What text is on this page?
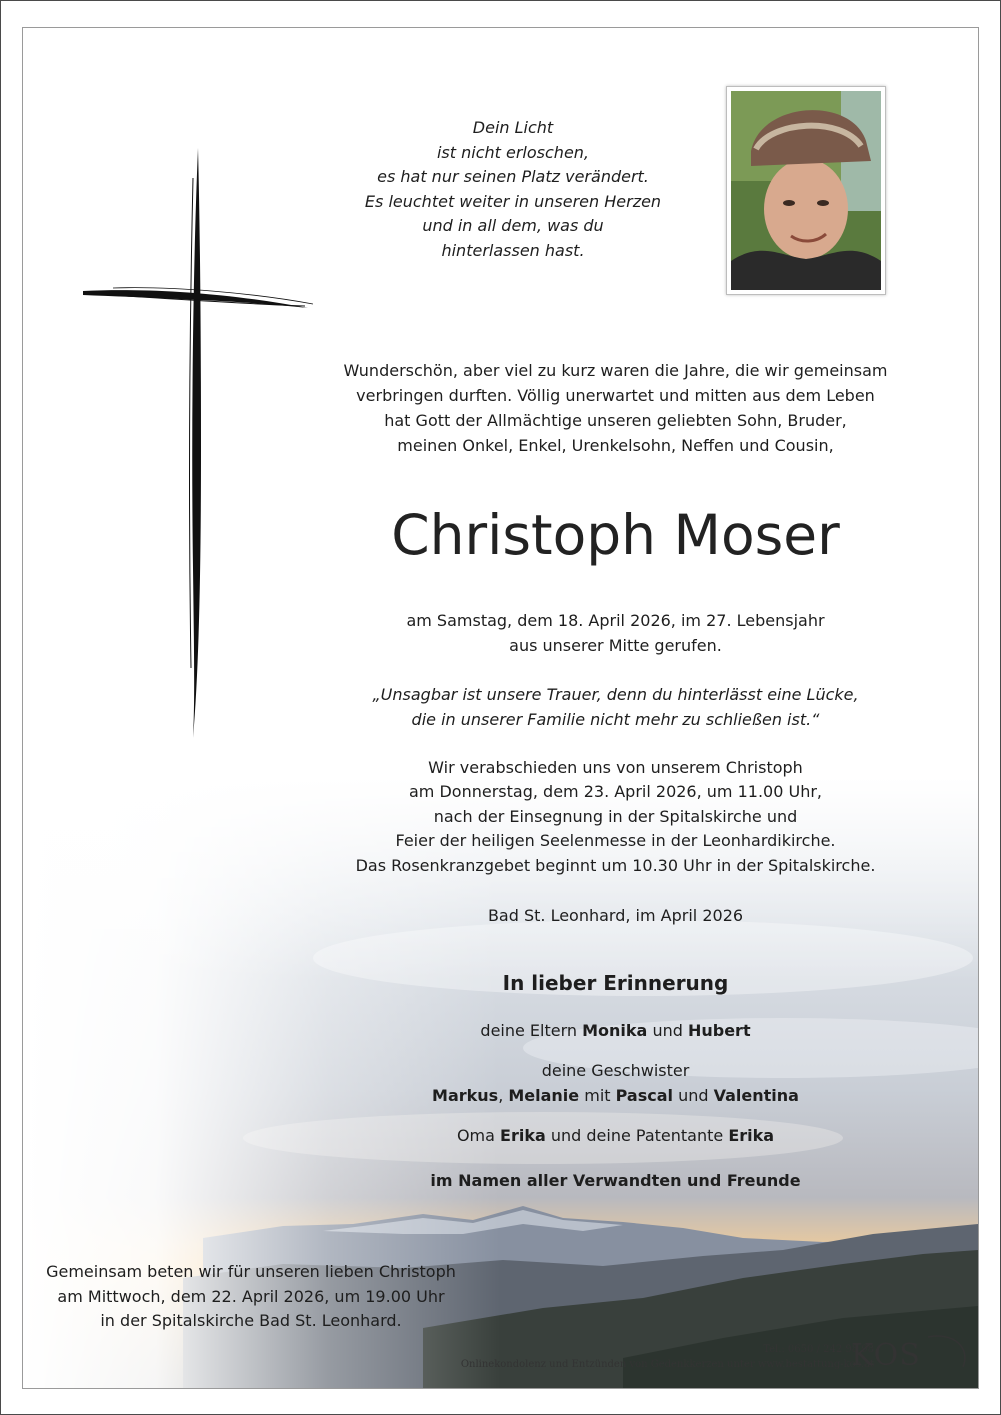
Dein Licht
ist nicht erloschen,
es hat nur seinen Platz verändert.
Es leuchtet weiter in unseren Herzen
und in all dem, was du
hinterlassen hast.
Wunderschön, aber viel zu kurz waren die Jahre, die wir gemeinsam
verbringen durften. Völlig unerwartet und mitten aus dem Leben
hat Gott der Allmächtige unseren geliebten Sohn, Bruder,
meinen Onkel, Enkel, Urenkelsohn, Neffen und Cousin,
Christoph Moser
am Samstag, dem 18. April 2026, im 27. Lebensjahr
aus unserer Mitte gerufen.
„Unsagbar ist unsere Trauer, denn du hinterlässt eine Lücke,
die in unserer Familie nicht mehr zu schließen ist.“
Wir verabschieden uns von unserem Christoph
am Donnerstag, dem 23. April 2026, um 11.00 Uhr,
nach der Einsegnung in der Spitalskirche und
Feier der heiligen Seelenmesse in der Leonhardikirche.
Das Rosenkranzgebet beginnt um 10.30 Uhr in der Spitalskirche.
Bad St. Leonhard, im April 2026
In lieber Erinnerung
deine Eltern Monika und Hubert
deine Geschwister
Markus, Melanie mit Pascal und Valentina
Oma Erika und deine Patentante Erika
im Namen aller Verwandten und Freunde
Gemeinsam beten wir für unseren lieben Christoph
am Mittwoch, dem 22. April 2026, um 19.00 Uhr
in der Spitalskirche Bad St. Leonhard.
Tel.: 0650 / 242 98 98
Onlinekondolenz und Entzünden von Gedenkkerzen unter www.bestattung-kos.at
KOS
